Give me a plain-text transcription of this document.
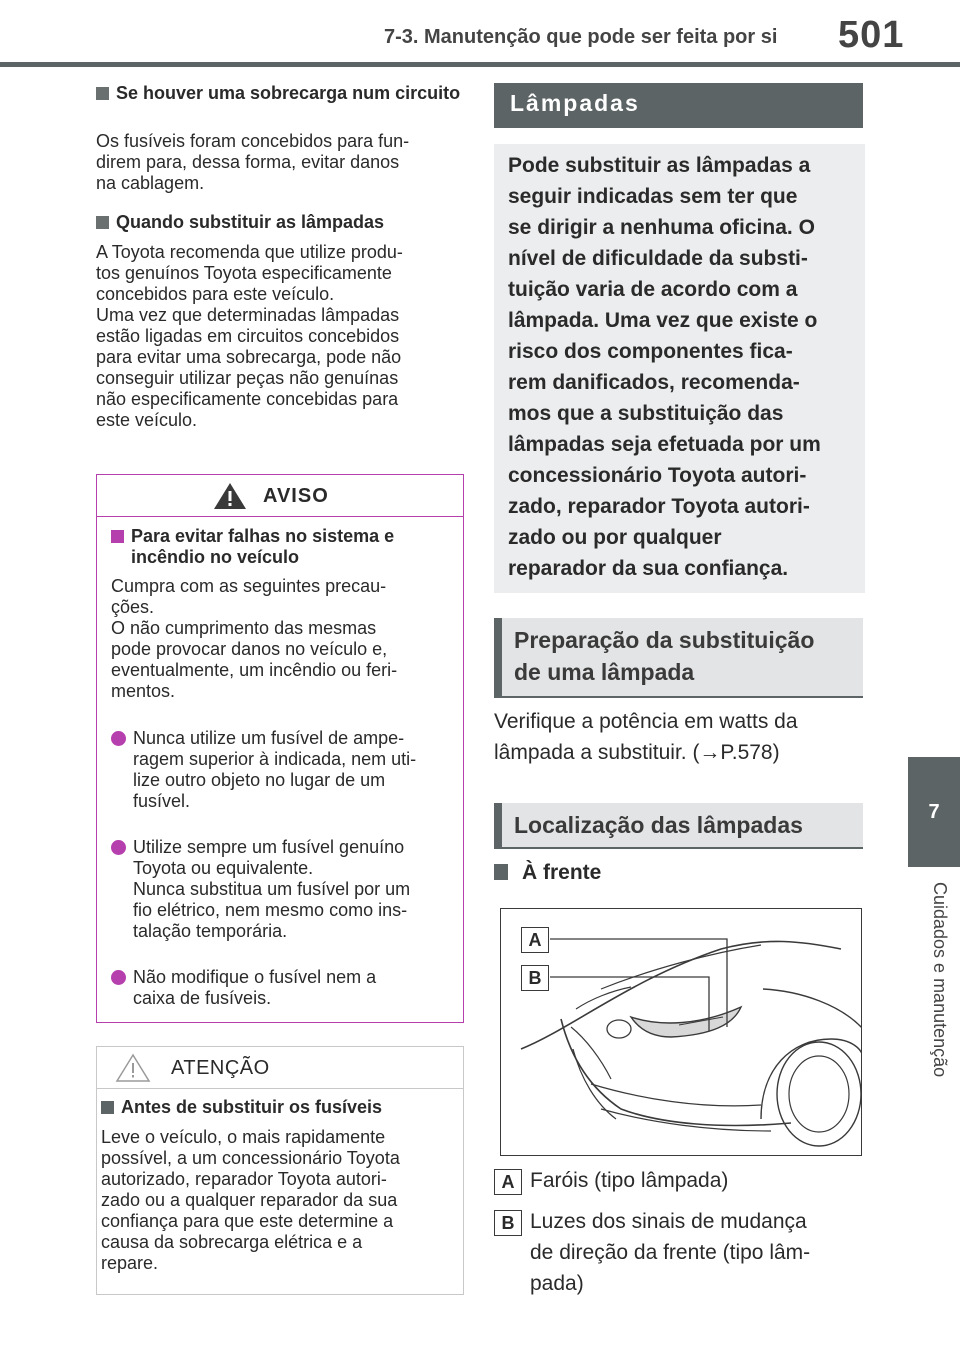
7-3. Manutenção que pode ser feita por si 501
7
Cuidados e manutenção
Se houver uma sobrecarga num circuito
Os fusíveis foram concebidos para fun-
direm para, dessa forma, evitar danos
na cablagem.
Quando substituir as lâmpadas
A Toyota recomenda que utilize produ-
tos genuínos Toyota especificamente
concebidos para este veículo.
Uma vez que determinadas lâmpadas
estão ligadas em circuitos concebidos
para evitar uma sobrecarga, pode não
conseguir utilizar peças não genuínas
não especificamente concebidas para
este veículo.
AVISO
Para evitar falhas no sistema e incêndio no veículo
Cumpra com as seguintes precau-
ções.
O não cumprimento das mesmas
pode provocar danos no veículo e,
eventualmente, um incêndio ou feri-
mentos.
Nunca utilize um fusível de ampe-
ragem superior à indicada, nem uti-
lize outro objeto no lugar de um
fusível.
Utilize sempre um fusível genuíno
Toyota ou equivalente.
Nunca substitua um fusível por um
fio elétrico, nem mesmo como ins-
talação temporária.
Não modifique o fusível nem a
caixa de fusíveis.
ATENÇÃO
Antes de substituir os fusíveis
Leve o veículo, o mais rapidamente
possível, a um concessionário Toyota
autorizado, reparador Toyota autori-
zado ou a qualquer reparador da sua
confiança para que este determine a
causa da sobrecarga elétrica e a
repare.
Lâmpadas
Pode substituir as lâmpadas a
seguir indicadas sem ter que
se dirigir a nenhuma oficina. O
nível de dificuldade da substi-
tuição varia de acordo com a
lâmpada. Uma vez que existe o
risco dos componentes fica-
rem danificados, recomenda-
mos que a substituição das
lâmpadas seja efetuada por um
concessionário Toyota autori-
zado, reparador Toyota autori-
zado ou por qualquer
reparador da sua confiança.
Preparação da substituição
de uma lâmpada
Verifique a potência em watts da
lâmpada a substituir. (→P.578)
Localização das lâmpadas
À frente
A
B
A Faróis (tipo lâmpada)
B Luzes dos sinais de mudança
de direção da frente (tipo lâm-
pada)
